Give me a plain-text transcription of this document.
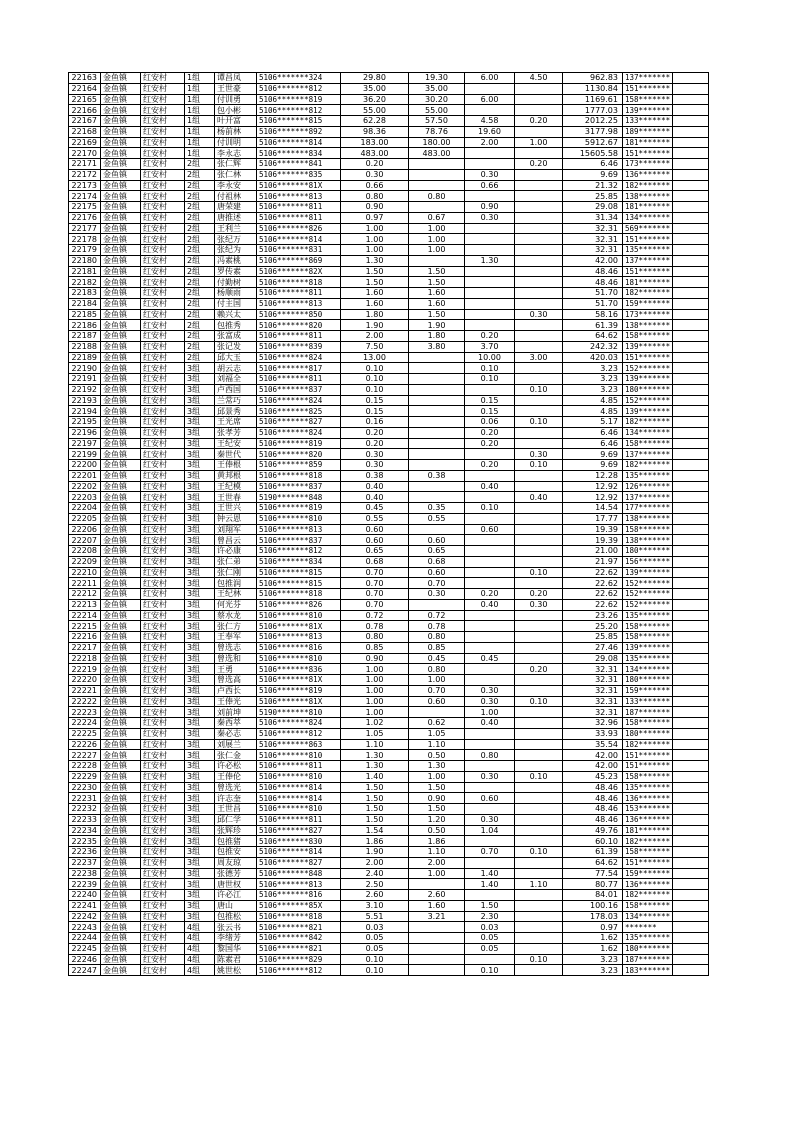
22163	金鱼镇	红安村	1组	谭昌凤	5106*******324	29.80	19.30	6.00	4.50	962.83	137*******	
22164	金鱼镇	红安村	1组	王世豪	5106*******812	35.00	35.00			1130.84	151*******	
22165	金鱼镇	红安村	1组	付训勇	5106*******819	36.20	30.20	6.00		1169.61	158*******	
22166	金鱼镇	红安村	1组	包小彬	5106*******812	55.00	55.00			1777.03	139*******	
22167	金鱼镇	红安村	1组	叶开富	5106*******815	62.28	57.50	4.58	0.20	2012.25	133*******	
22168	金鱼镇	红安村	1组	杨前林	5106*******892	98.36	78.76	19.60		3177.98	189*******	
22169	金鱼镇	红安村	1组	付训明	5106*******814	183.00	180.00	2.00	1.00	5912.67	181*******	
22170	金鱼镇	红安村	1组	李永志	5106*******834	483.00	483.00			15605.58	151*******	
22171	金鱼镇	红安村	2组	张仁辉	5106*******841	0.20			0.20	6.46	173*******	
22172	金鱼镇	红安村	2组	张仁林	5106*******835	0.30		0.30		9.69	136*******	
22173	金鱼镇	红安村	2组	李永安	5106*******81X	0.66		0.66		21.32	182*******	
22174	金鱼镇	红安村	2组	付祖林	5106*******813	0.80	0.80			25.85	138*******	
22175	金鱼镇	红安村	2组	唐荣建	5106*******811	0.90		0.90		29.08	181*******	
22176	金鱼镇	红安村	2组	唐推述	5106*******811	0.97	0.67	0.30		31.34	134*******	
22177	金鱼镇	红安村	2组	王利兰	5106*******826	1.00	1.00			32.31	569*******	
22178	金鱼镇	红安村	2组	张纪万	5106*******814	1.00	1.00			32.31	151*******	
22179	金鱼镇	红安村	2组	张纪为	5106*******831	1.00	1.00			32.31	135*******	
22180	金鱼镇	红安村	2组	冯素桃	5106*******869	1.30		1.30		42.00	137*******	
22181	金鱼镇	红安村	2组	罗传素	5106*******82X	1.50	1.50			48.46	151*******	
22182	金鱼镇	红安村	2组	付勤树	5106*******818	1.50	1.50			48.46	181*******	
22183	金鱼镇	红安村	2组	杨顺雨	5106*******811	1.60	1.60			51.70	182*******	
22184	金鱼镇	红安村	2组	付主国	5106*******813	1.60	1.60			51.70	159*******	
22185	金鱼镇	红安村	2组	赖兴太	5106*******850	1.80	1.50		0.30	58.16	173*******	
22186	金鱼镇	红安村	2组	包推秀	5106*******820	1.90	1.90			61.39	138*******	
22187	金鱼镇	红安村	2组	张富成	5106*******811	2.00	1.80	0.20		64.62	158*******	
22188	金鱼镇	红安村	2组	张记发	5106*******839	7.50	3.80	3.70		242.32	139*******	
22189	金鱼镇	红安村	2组	邱大玉	5106*******824	13.00		10.00	3.00	420.03	151*******	
22190	金鱼镇	红安村	3组	胡云志	5106*******817	0.10		0.10		3.23	152*******	
22191	金鱼镇	红安村	3组	刘福全	5106*******811	0.10		0.10		3.23	139*******	
22192	金鱼镇	红安村	3组	卢西国	5106*******837	0.10			0.10	3.23	180*******	
22193	金鱼镇	红安村	3组	兰常巧	5106*******824	0.15		0.15		4.85	152*******	
22194	金鱼镇	红安村	3组	邱景秀	5106*******825	0.15		0.15		4.85	139*******	
22195	金鱼镇	红安村	3组	王光席	5106*******827	0.16		0.06	0.10	5.17	182*******	
22196	金鱼镇	红安村	3组	张孝芳	5106*******824	0.20		0.20		6.46	134*******	
22197	金鱼镇	红安村	3组	王纪安	5106*******819	0.20		0.20		6.46	158*******	
22199	金鱼镇	红安村	3组	秦世代	5106*******820	0.30			0.30	9.69	137*******	
22200	金鱼镇	红安村	3组	王俸根	5106*******859	0.30		0.20	0.10	9.69	182*******	
22201	金鱼镇	红安村	3组	黄邦根	5106*******818	0.38	0.38			12.28	135*******	
22202	金鱼镇	红安村	3组	王纪模	5106*******837	0.40		0.40		12.92	126*******	
22203	金鱼镇	红安村	3组	王世春	5190*******848	0.40			0.40	12.92	137*******	
22204	金鱼镇	红安村	3组	王世兴	5106*******819	0.45	0.35	0.10		14.54	177*******	
22205	金鱼镇	红安村	3组	钟云恩	5106*******810	0.55	0.55			17.77	138*******	
22206	金鱼镇	红安村	3组	刘翔军	5106*******813	0.60		0.60		19.39	158*******	
22207	金鱼镇	红安村	3组	曾昌云	5106*******837	0.60	0.60			19.39	138*******	
22208	金鱼镇	红安村	3组	许必康	5106*******812	0.65	0.65			21.00	180*******	
22209	金鱼镇	红安村	3组	张仁弟	5106*******834	0.68	0.68			21.97	156*******	
22210	金鱼镇	红安村	3组	张仁刚	5106*******815	0.70	0.60		0.10	22.62	139*******	
22211	金鱼镇	红安村	3组	包推润	5106*******815	0.70	0.70			22.62	152*******	
22212	金鱼镇	红安村	3组	王纪林	5106*******818	0.70	0.30	0.20	0.20	22.62	152*******	
22213	金鱼镇	红安村	3组	何光芬	5106*******826	0.70		0.40	0.30	22.62	152*******	
22214	金鱼镇	红安村	3组	蔡水龙	5106*******810	0.72	0.72			23.26	135*******	
22215	金鱼镇	红安村	3组	张仁方	5106*******81X	0.78	0.78			25.20	158*******	
22216	金鱼镇	红安村	3组	王奉军	5106*******813	0.80	0.80			25.85	158*******	
22217	金鱼镇	红安村	3组	曾选志	5106*******816	0.85	0.85			27.46	139*******	
22218	金鱼镇	红安村	3组	曾选和	5106*******810	0.90	0.45	0.45		29.08	135*******	
22219	金鱼镇	红安村	3组	王勇	5106*******836	1.00	0.80		0.20	32.31	134*******	
22220	金鱼镇	红安村	3组	曾选高	5106*******81X	1.00	1.00			32.31	180*******	
22221	金鱼镇	红安村	3组	卢西长	5106*******819	1.00	0.70	0.30		32.31	159*******	
22222	金鱼镇	红安村	3组	王俸光	5106*******81X	1.00	0.60	0.30	0.10	32.31	133*******	
22223	金鱼镇	红安村	3组	刘前坤	5190*******810	1.00		1.00		32.31	187*******	
22224	金鱼镇	红安村	3组	秦西萃	5106*******824	1.02	0.62	0.40		32.96	158*******	
22225	金鱼镇	红安村	3组	秦必志	5106*******812	1.05	1.05			33.93	180*******	
22226	金鱼镇	红安村	3组	刘展兰	5106*******863	1.10	1.10			35.54	182*******	
22227	金鱼镇	红安村	3组	张仁金	5106*******810	1.30	0.50	0.80		42.00	151*******	
22228	金鱼镇	红安村	3组	许必松	5106*******811	1.30	1.30			42.00	151*******	
22229	金鱼镇	红安村	3组	王俸伦	5106*******810	1.40	1.00	0.30	0.10	45.23	158*******	
22230	金鱼镇	红安村	3组	曾选光	5106*******814	1.50	1.50			48.46	135*******	
22231	金鱼镇	红安村	3组	许志奎	5106*******814	1.50	0.90	0.60		48.46	136*******	
22232	金鱼镇	红安村	3组	王世昌	5106*******810	1.50	1.50			48.46	153*******	
22233	金鱼镇	红安村	3组	邱仁学	5106*******811	1.50	1.20	0.30		48.46	136*******	
22234	金鱼镇	红安村	3组	张辉珍	5106*******827	1.54	0.50	1.04		49.76	181*******	
22235	金鱼镇	红安村	3组	包推猪	5106*******830	1.86	1.86			60.10	182*******	
22236	金鱼镇	红安村	3组	包推安	5106*******814	1.90	1.10	0.70	0.10	61.39	158*******	
22237	金鱼镇	红安村	3组	周友琼	5106*******827	2.00	2.00			64.62	151*******	
22238	金鱼镇	红安村	3组	张德芳	5106*******848	2.40	1.00	1.40		77.54	159*******	
22239	金鱼镇	红安村	3组	唐世权	5106*******813	2.50		1.40	1.10	80.77	136*******	
22240	金鱼镇	红安村	3组	许必江	5106*******816	2.60	2.60			84.01	182*******	
22241	金鱼镇	红安村	3组	唐山	5106*******85X	3.10	1.60	1.50		100.16	158*******	
22242	金鱼镇	红安村	3组	包推松	5106*******818	5.51	3.21	2.30		178.03	134*******	
22243	金鱼镇	红安村	4组	张云书	5106*******821	0.03		0.03		0.97	*******	
22244	金鱼镇	红安村	4组	李绪芳	5106*******842	0.05		0.05		1.62	135*******	
22245	金鱼镇	红安村	4组	黎国华	5106*******821	0.05		0.05		1.62	180*******	
22246	金鱼镇	红安村	4组	陈素君	5106*******829	0.10			0.10	3.23	187*******	
22247	金鱼镇	红安村	4组	姚世松	5106*******812	0.10		0.10		3.23	183*******	
